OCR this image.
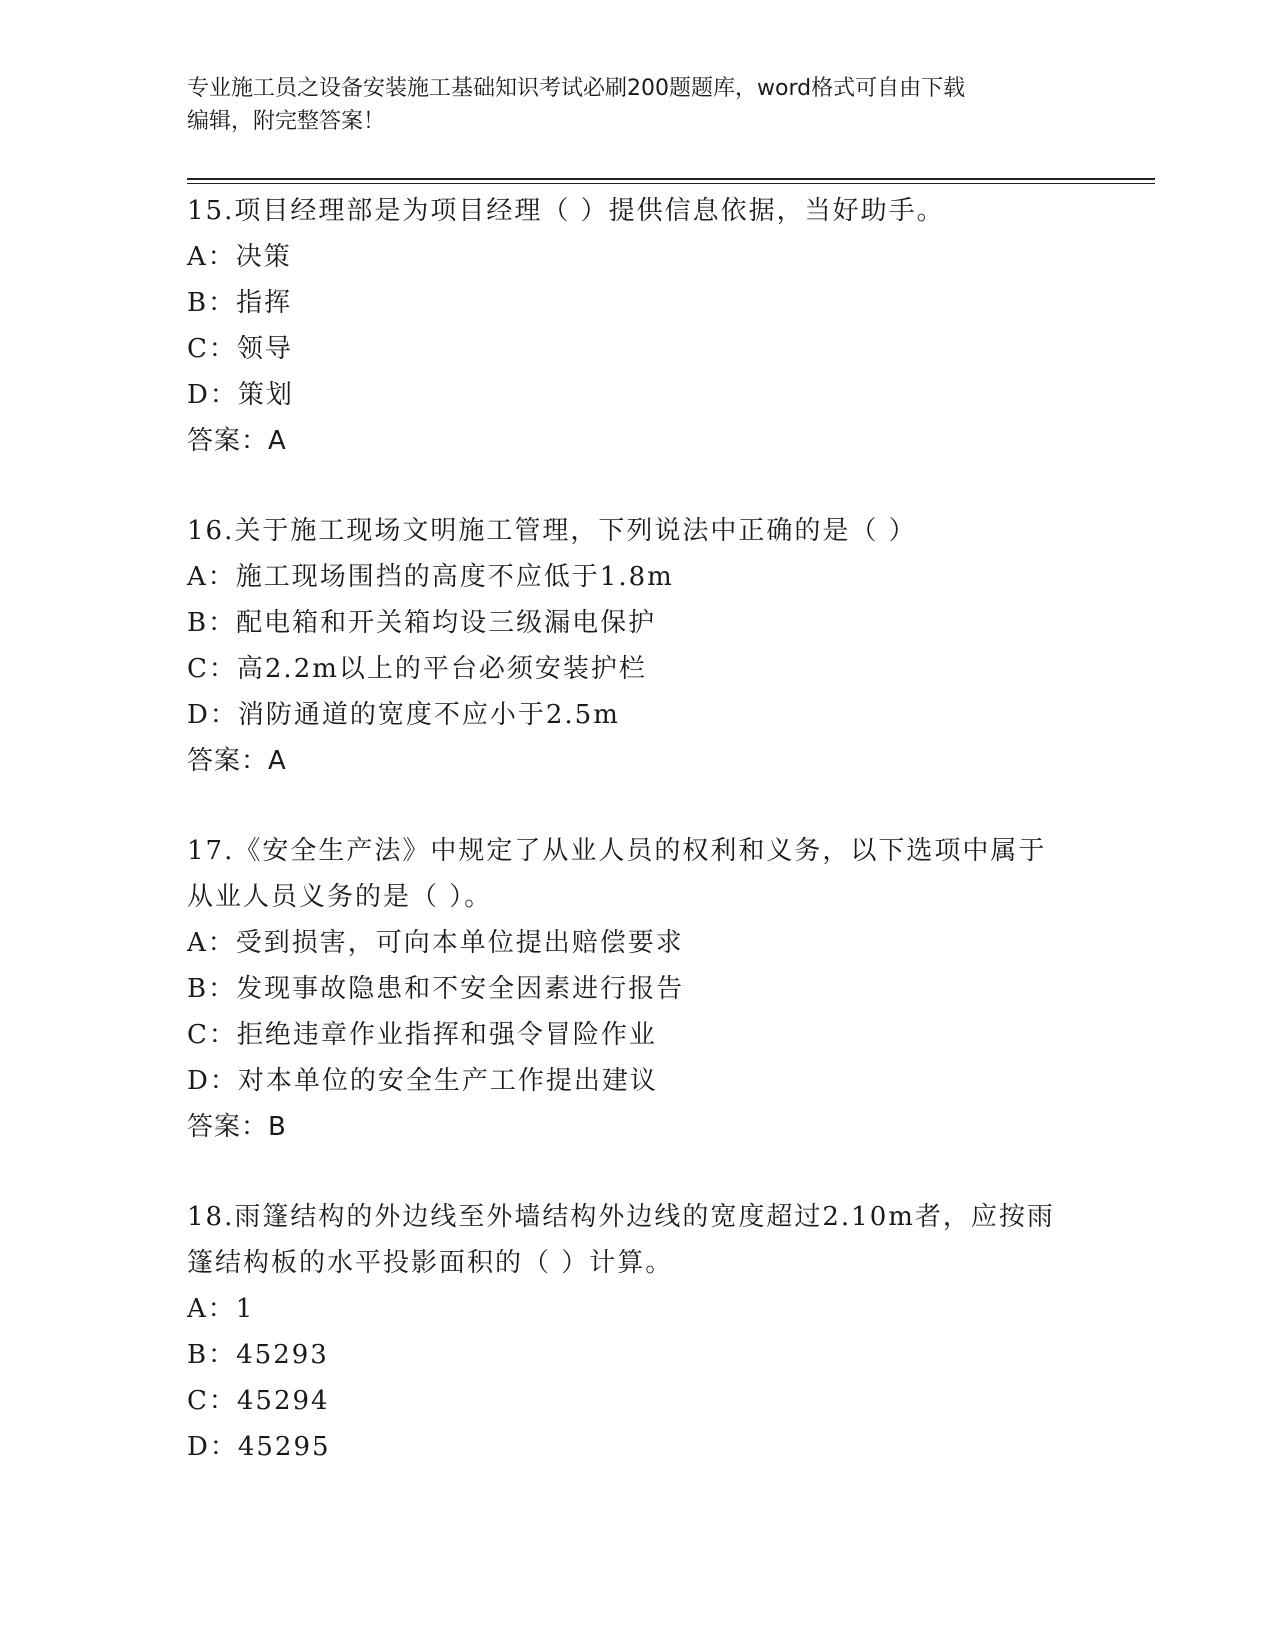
专业施工员之设备安装施工基础知识考试必刷200题题库，word格式可自由下载
编辑，附完整答案！
15.项目经理部是为项目经理（ ）提供信息依据，当好助手。
A：决策
B：指挥
C：领导
D：策划
答案：A
16.关于施工现场文明施工管理，下列说法中正确的是（ ）
A：施工现场围挡的高度不应低于1.8m
B：配电箱和开关箱均设三级漏电保护
C：高2.2m以上的平台必须安装护栏
D：消防通道的宽度不应小于2.5m
答案：A
17.《安全生产法》中规定了从业人员的权利和义务，以下选项中属于
从业人员义务的是（ ）。
A：受到损害，可向本单位提出赔偿要求
B：发现事故隐患和不安全因素进行报告
C：拒绝违章作业指挥和强令冒险作业
D：对本单位的安全生产工作提出建议
答案：B
18.雨篷结构的外边线至外墙结构外边线的宽度超过2.10m者，应按雨
篷结构板的水平投影面积的（ ）计算。
A：1
B：45293
C：45294
D：45295
